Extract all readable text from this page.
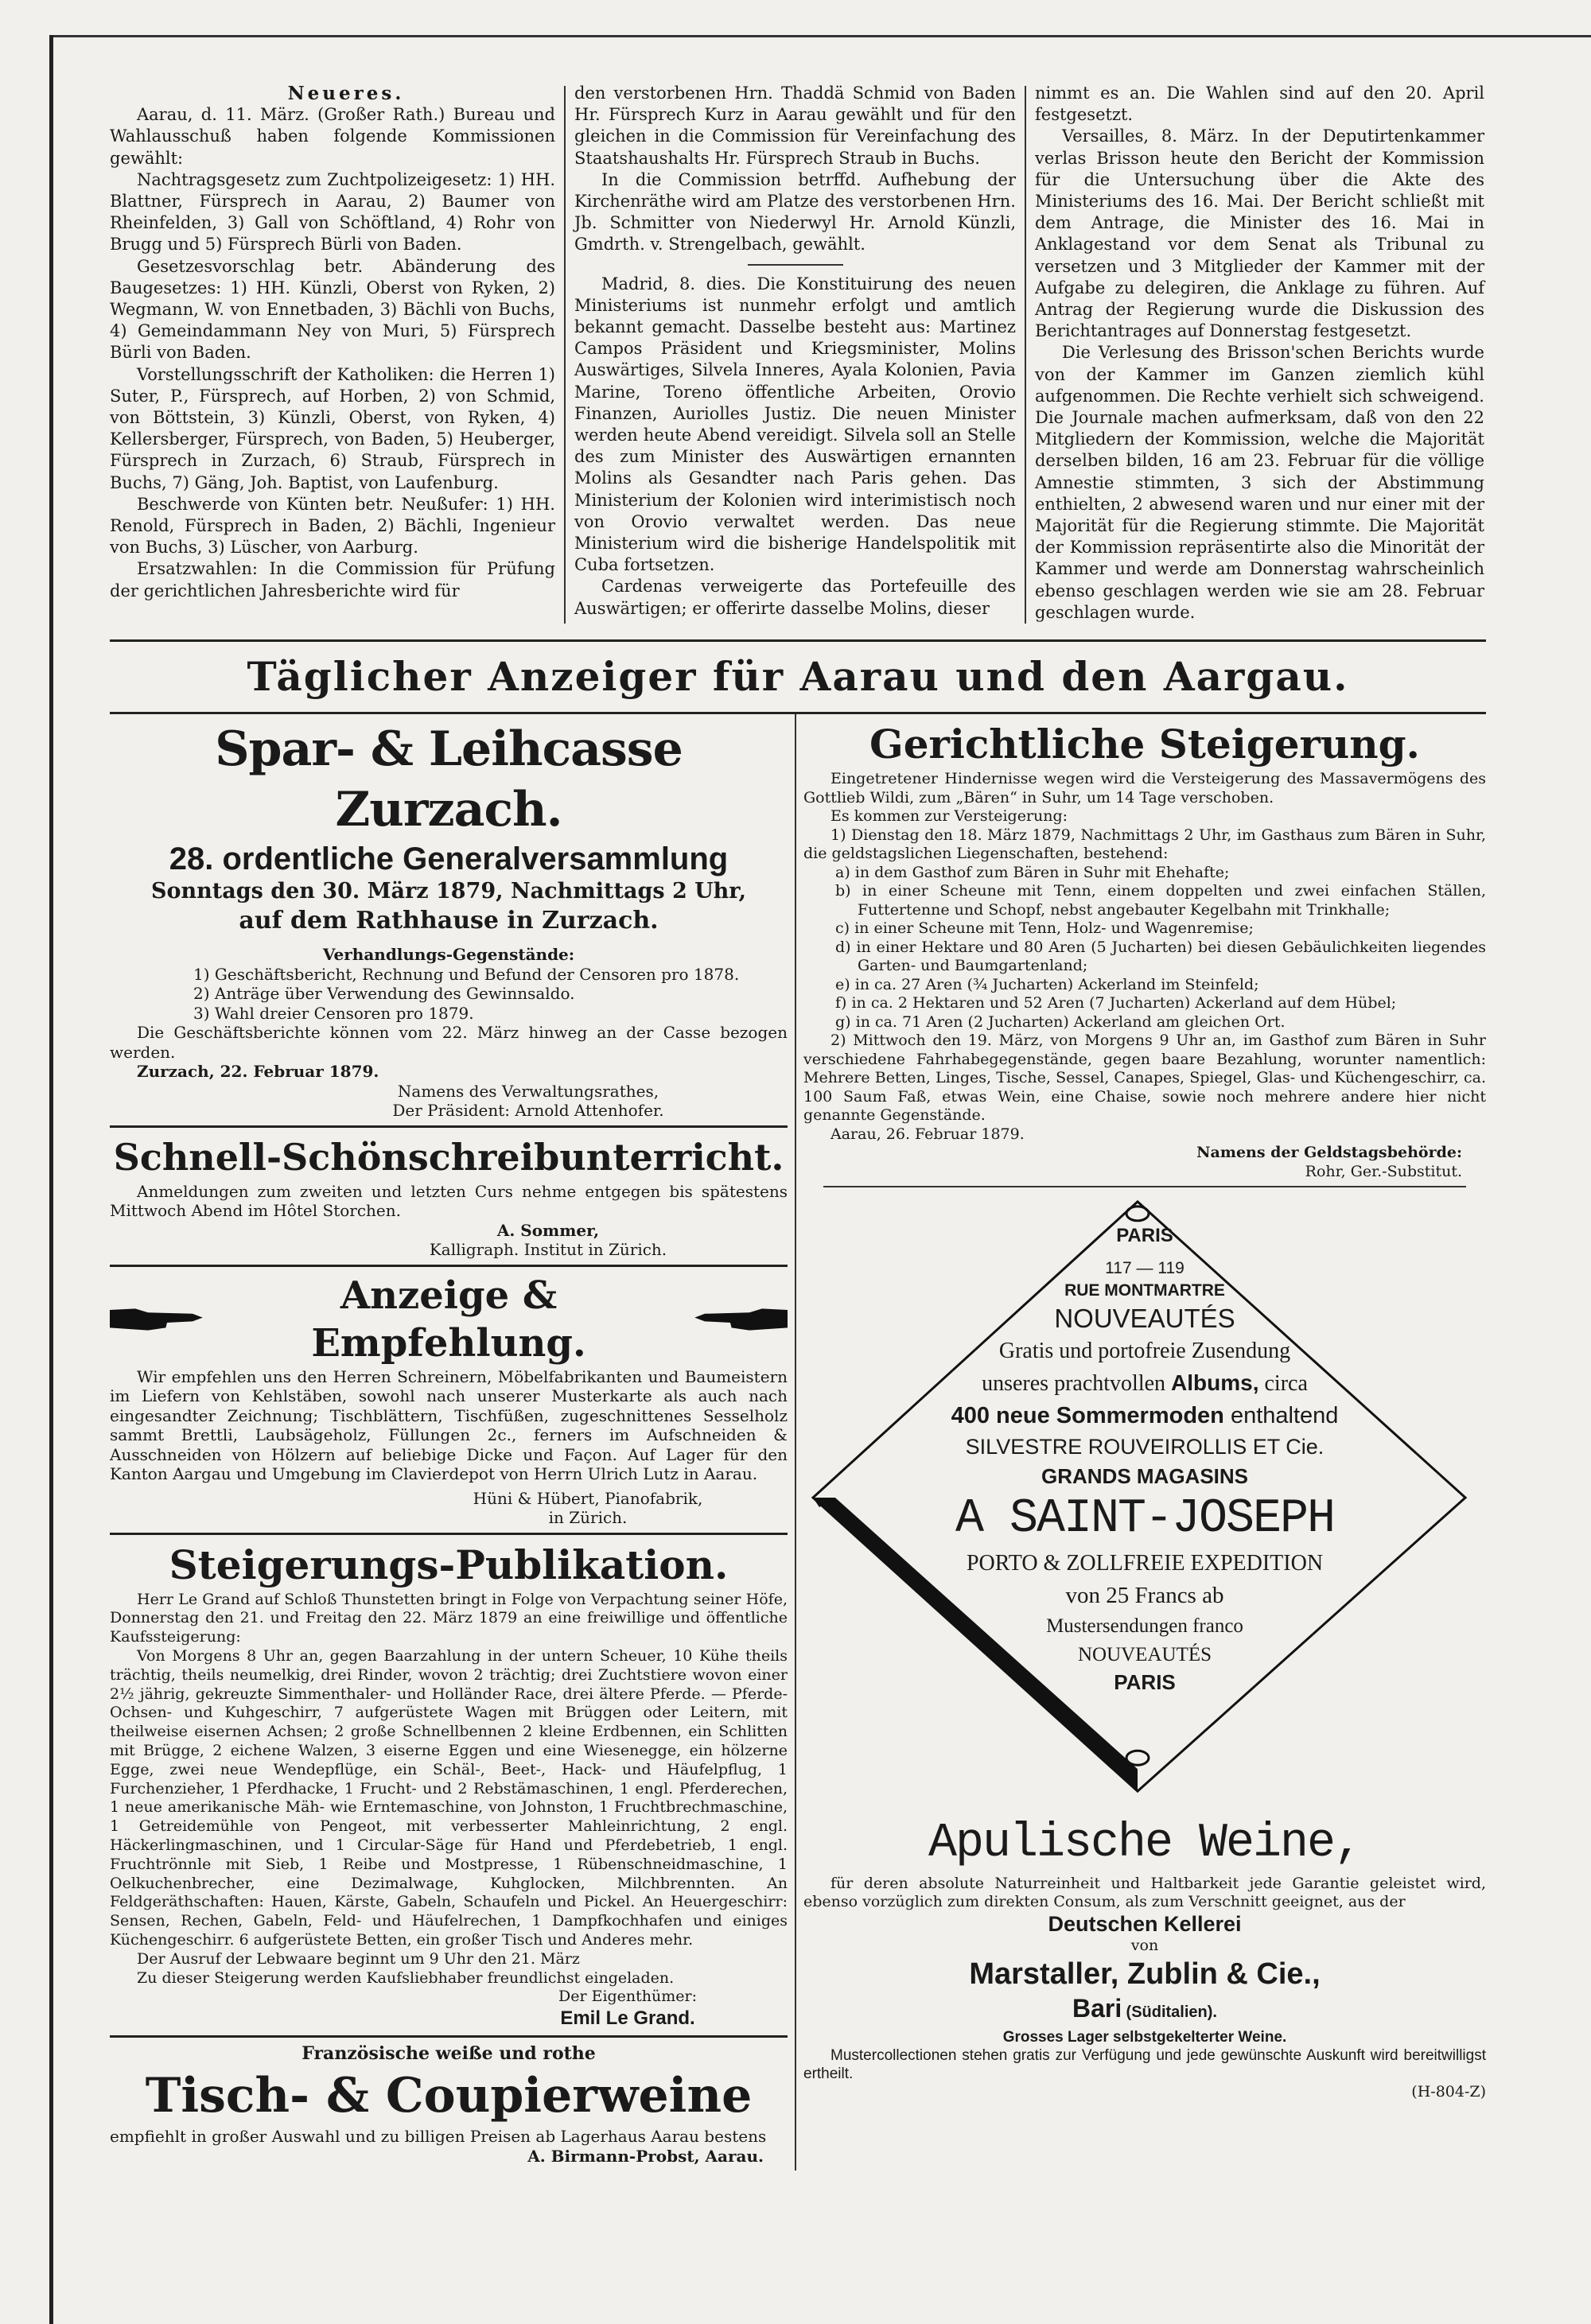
Neueres.

Aarau, d. 11. März. (Großer Rath.) Bureau und Wahlausschuß haben folgende Kommissionen gewählt:

Nachtragsgesetz zum Zuchtpolizeigesetz: 1) HH. Blattner, Fürsprech in Aarau, 2) Baumer von Rheinfelden, 3) Gall von Schöftland, 4) Rohr von Brugg und 5) Fürsprech Bürli von Baden.

Gesetzesvorschlag betr. Abänderung des Baugesetzes: 1) HH. Künzli, Oberst von Ryken, 2) Wegmann, W. von Ennetbaden, 3) Bächli von Buchs, 4) Gemeindammann Ney von Muri, 5) Fürsprech Bürli von Baden.

Vorstellungsschrift der Katholiken: die Herren 1) Suter, P., Fürsprech, auf Horben, 2) von Schmid, von Böttstein, 3) Künzli, Oberst, von Ryken, 4) Kellersberger, Fürsprech, von Baden, 5) Heuberger, Fürsprech in Zurzach, 6) Straub, Fürsprech in Buchs, 7) Gäng, Joh. Baptist, von Laufenburg.

Beschwerde von Künten betr. Neußufer: 1) HH. Renold, Fürsprech in Baden, 2) Bächli, Ingenieur von Buchs, 3) Lüscher, von Aarburg.

Ersatzwahlen: In die Commission für Prüfung der gerichtlichen Jahresberichte wird für

den verstorbenen Hrn. Thaddä Schmid von Baden Hr. Fürsprech Kurz in Aarau gewählt und für den gleichen in die Commission für Vereinfachung des Staatshaushalts Hr. Fürsprech Straub in Buchs.

In die Commission betrffd. Aufhebung der Kirchenräthe wird am Platze des verstorbenen Hrn. Jb. Schmitter von Niederwyl Hr. Arnold Künzli, Gmdrth. v. Strengelbach, gewählt.

Madrid, 8. dies. Die Konstituirung des neuen Ministeriums ist nunmehr erfolgt und amtlich bekannt gemacht. Dasselbe besteht aus: Martinez Campos Präsident und Kriegsminister, Molins Auswärtiges, Silvela Inneres, Ayala Kolonien, Pavia Marine, Toreno öffentliche Arbeiten, Orovio Finanzen, Auriolles Justiz. Die neuen Minister werden heute Abend vereidigt. Silvela soll an Stelle des zum Minister des Auswärtigen ernannten Molins als Gesandter nach Paris gehen. Das Ministerium der Kolonien wird interimistisch noch von Orovio verwaltet werden. Das neue Ministerium wird die bisherige Handelspolitik mit Cuba fortsetzen.

Cardenas verweigerte das Portefeuille des Auswärtigen; er offerirte dasselbe Molins, dieser

nimmt es an. Die Wahlen sind auf den 20. April festgesetzt.

Versailles, 8. März. In der Deputirtenkammer verlas Brisson heute den Bericht der Kommission für die Untersuchung über die Akte des Ministeriums des 16. Mai. Der Bericht schließt mit dem Antrage, die Minister des 16. Mai in Anklagestand vor dem Senat als Tribunal zu versetzen und 3 Mitglieder der Kammer mit der Aufgabe zu delegiren, die Anklage zu führen. Auf Antrag der Regierung wurde die Diskussion des Berichtantrages auf Donnerstag festgesetzt.

Die Verlesung des Brisson'schen Berichts wurde von der Kammer im Ganzen ziemlich kühl aufgenommen. Die Rechte verhielt sich schweigend. Die Journale machen aufmerksam, daß von den 22 Mitgliedern der Kommission, welche die Majorität derselben bilden, 16 am 23. Februar für die völlige Amnestie stimmten, 3 sich der Abstimmung enthielten, 2 abwesend waren und nur einer mit der Majorität für die Regierung stimmte. Die Majorität der Kommission repräsentirte also die Minorität der Kammer und werde am Donnerstag wahrscheinlich ebenso geschlagen werden wie sie am 28. Februar geschlagen wurde.

Täglicher Anzeiger für Aarau und den Aargau.

Spar- & Leihcasse Zurzach.

28. ordentliche Generalversammlung

Sonntags den 30. März 1879, Nachmittags 2 Uhr,

auf dem Rathhause in Zurzach.

Verhandlungs-Gegenstände:

1) Geschäftsbericht, Rechnung und Befund der Censoren pro 1878.

2) Anträge über Verwendung des Gewinnsaldo.

3) Wahl dreier Censoren pro 1879.

Die Geschäftsberichte können vom 22. März hinweg an der Casse bezogen werden.

Zurzach, 22. Februar 1879.

Namens des Verwaltungsrathes,

Der Präsident: Arnold Attenhofer.

Schnell-Schönschreibunterricht.

Anmeldungen zum zweiten und letzten Curs nehme entgegen bis spätestens Mittwoch Abend im Hôtel Storchen.

A. Sommer,

Kalligraph. Institut in Zürich.

Anzeige & Empfehlung.

Wir empfehlen uns den Herren Schreinern, Möbelfabrikanten und Baumeistern im Liefern von Kehlstäben, sowohl nach unserer Musterkarte als auch nach eingesandter Zeichnung; Tischblättern, Tischfüßen, zugeschnittenes Sesselholz sammt Brettli, Laubsägeholz, Füllungen 2c., ferners im Aufschneiden & Ausschneiden von Hölzern auf beliebige Dicke und Façon. Auf Lager für den Kanton Aargau und Umgebung im Clavierdepot von Herrn Ulrich Lutz in Aarau.

Hüni & Hübert, Pianofabrik,

in Zürich.

Steigerungs-Publikation.

Herr Le Grand auf Schloß Thunstetten bringt in Folge von Verpachtung seiner Höfe, Donnerstag den 21. und Freitag den 22. März 1879 an eine freiwillige und öffentliche Kaufssteigerung:

Von Morgens 8 Uhr an, gegen Baarzahlung in der untern Scheuer, 10 Kühe theils trächtig, theils neumelkig, drei Rinder, wovon 2 trächtig; drei Zuchtstiere wovon einer 2½ jährig, gekreuzte Simmenthaler- und Holländer Race, drei ältere Pferde. — Pferde- Ochsen- und Kuhgeschirr, 7 aufgerüstete Wagen mit Brüggen oder Leitern, mit theilweise eisernen Achsen; 2 große Schnellbennen 2 kleine Erdbennen, ein Schlitten mit Brügge, 2 eichene Walzen, 3 eiserne Eggen und eine Wiesenegge, ein hölzerne Egge, zwei neue Wendepflüge, ein Schäl-, Beet-, Hack- und Häufelpflug, 1 Furchenzieher, 1 Pferdhacke, 1 Frucht- und 2 Rebstämaschinen, 1 engl. Pferderechen, 1 neue amerikanische Mäh- wie Erntemaschine, von Johnston, 1 Fruchtbrechmaschine, 1 Getreidemühle von Pengeot, mit verbesserter Mahleinrichtung, 2 engl. Häckerlingmaschinen, und 1 Circular-Säge für Hand und Pferdebetrieb, 1 engl. Fruchtrönnle mit Sieb, 1 Reibe und Mostpresse, 1 Rübenschneidmaschine, 1 Oelkuchenbrecher, eine Dezimalwage, Kuhglocken, Milchbrennten. An Feldgeräthschaften: Hauen, Kärste, Gabeln, Schaufeln und Pickel. An Heuergeschirr: Sensen, Rechen, Gabeln, Feld- und Häufelrechen, 1 Dampfkochhafen und einiges Küchengeschirr. 6 aufgerüstete Betten, ein großer Tisch und Anderes mehr.

Der Ausruf der Lebwaare beginnt um 9 Uhr den 21. März

Zu dieser Steigerung werden Kaufsliebhaber freundlichst eingeladen.

Der Eigenthümer:

Emil Le Grand.

Französische weiße und rothe

Tisch- & Coupierweine

empfiehlt in großer Auswahl und zu billigen Preisen ab Lagerhaus Aarau bestens

A. Birmann-Probst, Aarau.

Gerichtliche Steigerung.

Eingetretener Hindernisse wegen wird die Versteigerung des Massavermögens des Gottlieb Wildi, zum „Bären“ in Suhr, um 14 Tage verschoben.

Es kommen zur Versteigerung:

1) Dienstag den 18. März 1879, Nachmittags 2 Uhr, im Gasthaus zum Bären in Suhr, die geldstagslichen Liegenschaften, bestehend:

a) in dem Gasthof zum Bären in Suhr mit Ehehafte;

b) in einer Scheune mit Tenn, einem doppelten und zwei einfachen Ställen, Futtertenne und Schopf, nebst angebauter Kegelbahn mit Trinkhalle;

c) in einer Scheune mit Tenn, Holz- und Wagenremise;

d) in einer Hektare und 80 Aren (5 Jucharten) bei diesen Gebäulichkeiten liegendes Garten- und Baumgartenland;

e) in ca. 27 Aren (¾ Jucharten) Ackerland im Steinfeld;

f) in ca. 2 Hektaren und 52 Aren (7 Jucharten) Ackerland auf dem Hübel;

g) in ca. 71 Aren (2 Jucharten) Ackerland am gleichen Ort.

2) Mittwoch den 19. März, von Morgens 9 Uhr an, im Gasthof zum Bären in Suhr verschiedene Fahrhabegegenstände, gegen baare Bezahlung, worunter namentlich: Mehrere Betten, Linges, Tische, Sessel, Canapes, Spiegel, Glas- und Küchengeschirr, ca. 100 Saum Faß, etwas Wein, eine Chaise, sowie noch mehrere andere hier nicht genannte Gegenstände.

Aarau, 26. Februar 1879.

Namens der Geldstagsbehörde:

Rohr, Ger.-Substitut.

PARIS
117 — 119
RUE MONTMARTRE
NOUVEAUTÉS
Gratis und portofreie Zusendung
unseres prachtvollen Albums, circa
400 neue Sommermoden enthaltend
SILVESTRE ROUVEIROLLIS ET Cie.
GRANDS MAGASINS
A SAINT-JOSEPH
PORTO & ZOLLFREIE EXPEDITION
von 25 Francs ab
Mustersendungen franco
NOUVEAUTÉS
PARIS

Apulische Weine,

für deren absolute Naturreinheit und Haltbarkeit jede Garantie geleistet wird, ebenso vorzüglich zum direkten Consum, als zum Verschnitt geeignet, aus der

Deutschen Kellerei

von

Marstaller, Zublin & Cie.,

Bari (Süditalien).

Grosses Lager selbstgekelterter Weine.

Mustercollectionen stehen gratis zur Verfügung und jede gewünschte Auskunft wird bereitwilligst ertheilt.

(H-804-Z)
